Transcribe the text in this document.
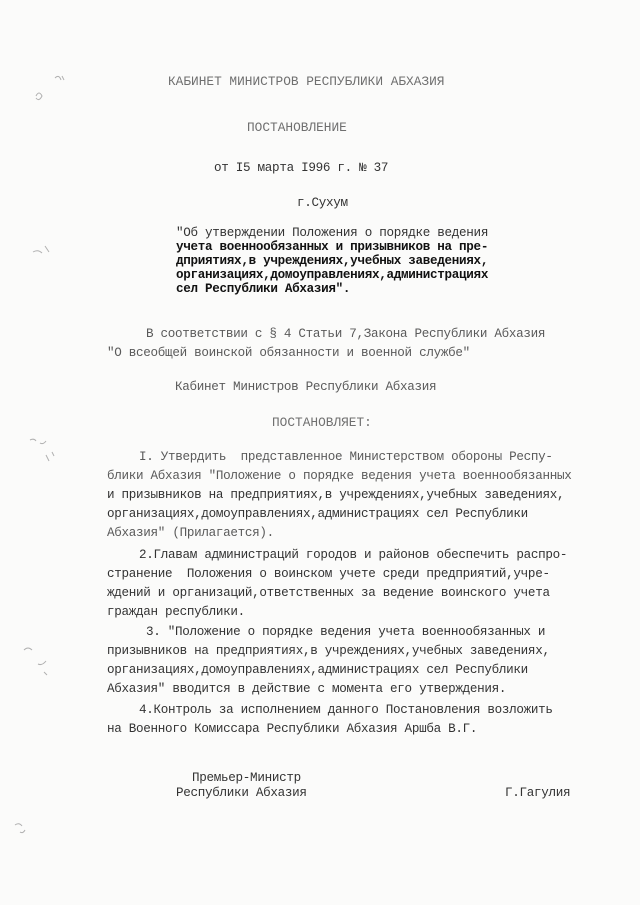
КАБИНЕТ МИНИСТРОВ РЕСПУБЛИКИ АБХАЗИЯ
ПОСТАНОВЛЕНИЕ
от I5 марта I996 г. № 37
г.Сухум
"Об утверждении Положения о порядке ведения
учета военнообязанных и призывников на пре-
дприятиях,в учреждениях,учебных заведениях,
организациях,домоуправлениях,администрациях
сел Республики Абхазия".
В соответствии с § 4 Статьи 7,Закона Республики Абхазия
"О всеобщей воинской обязанности и военной службе"
Кабинет Министров Республики Абхазия
ПОСТАНОВЛЯЕТ:
I. Утвердить  представленное Министерством обороны Респу-
блики Абхазия "Положение о порядке ведения учета военнообязанных
и призывников на предприятиях,в учреждениях,учебных заведениях,
организациях,домоуправлениях,администрациях сел Республики
Абхазия" (Прилагается).
2.Главам администраций городов и районов обеспечить распро-
странение  Положения о воинском учете среди предприятий,учре-
ждений и организаций,ответственных за ведение воинского учета
граждан республики.
3. "Положение о порядке ведения учета военнообязанных и
призывников на предприятиях,в учреждениях,учебных заведениях,
организациях,домоуправлениях,администрациях сел Республики
Абхазия" вводится в действие с момента его утверждения.
4.Контроль за исполнением данного Постановления возложить
на Военного Комиссара Республики Абхазия Аршба В.Г.
Премьер-Министр
Республики Абхазия	Г.Гагулия
